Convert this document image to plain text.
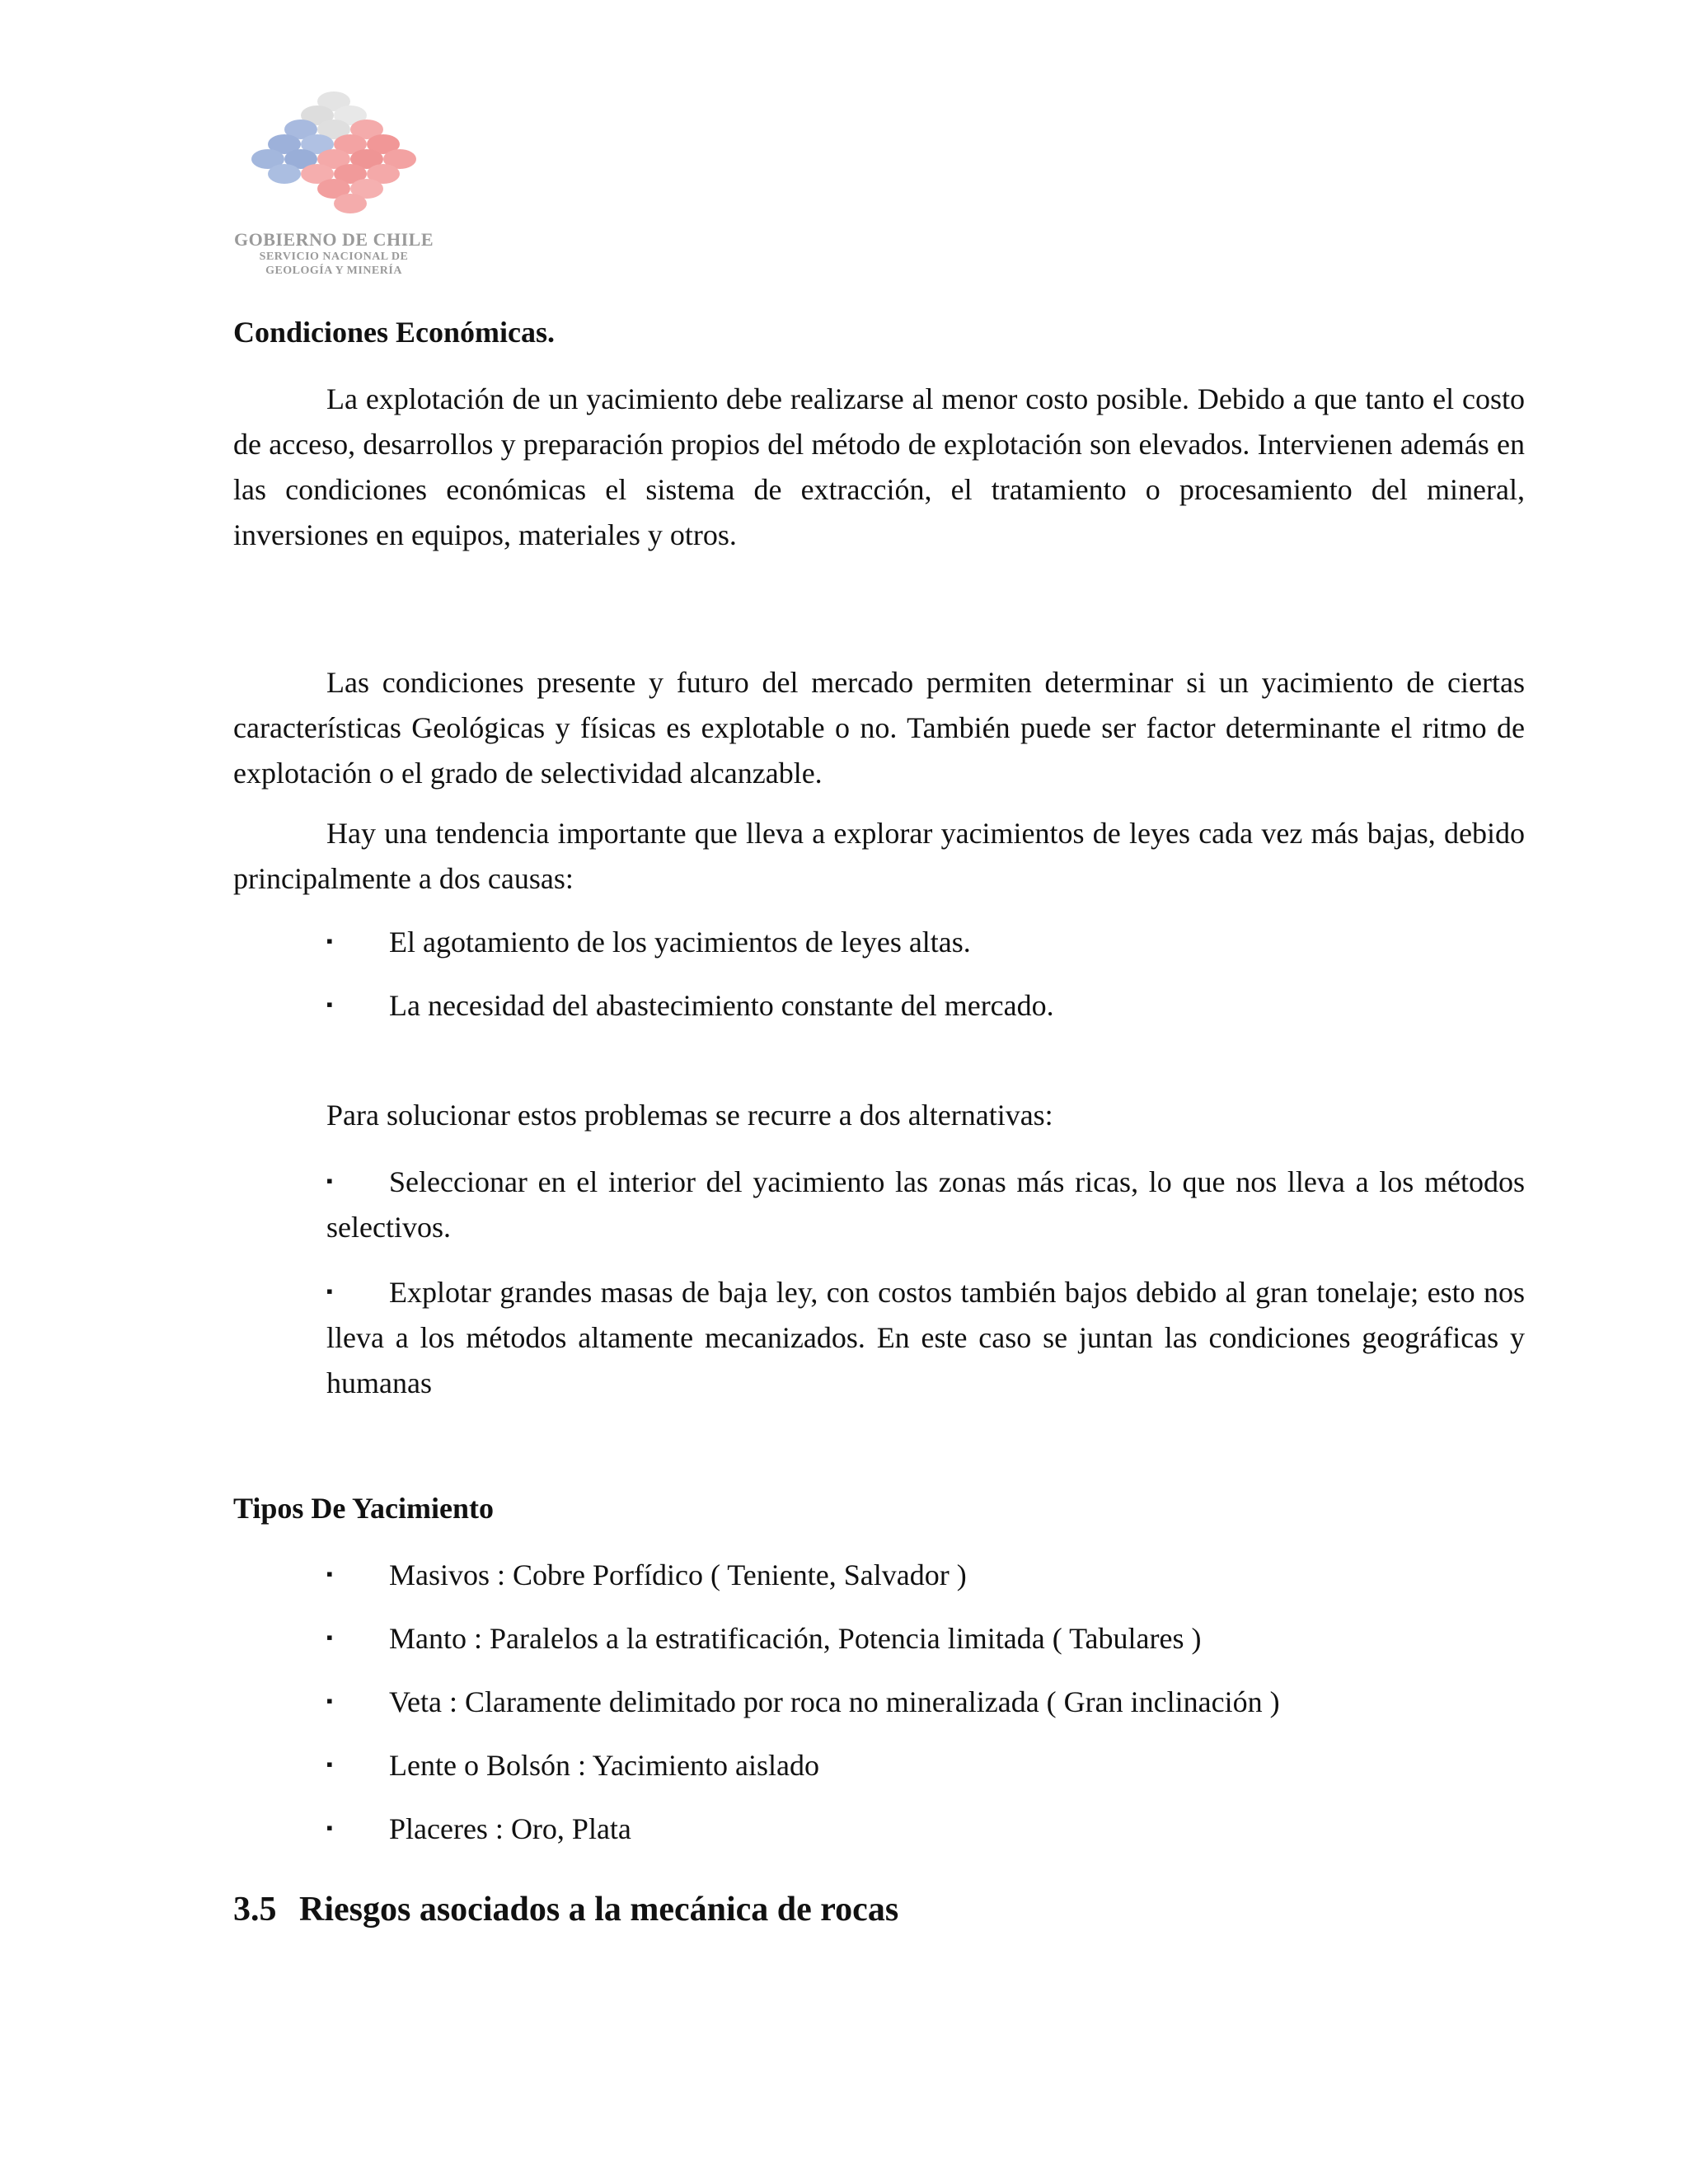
GOBIERNO DE CHILE
SERVICIO NACIONAL DE
GEOLOGÍA Y MINERÍA
Condiciones Económicas.

La explotación de un yacimiento debe realizarse al menor costo posible. Debido a que tanto el costo de acceso, desarrollos y preparación propios del método de explotación son elevados. Intervienen además en las condiciones económicas el sistema de extracción, el tratamiento o procesamiento del mineral, inversiones en equipos, materiales y otros.

Las condiciones presente y futuro del mercado permiten determinar si un yacimiento de ciertas características Geológicas y físicas es explotable o no. También puede ser factor determinante el ritmo de explotación o el grado de selectividad alcanzable.

Hay una tendencia importante que lleva a explorar yacimientos de leyes cada vez más bajas, debido principalmente a dos causas:

▪ El agotamiento de los yacimientos de leyes altas.
▪ La necesidad del abastecimiento constante del mercado.

Para solucionar estos problemas se recurre a dos alternativas:

▪ Seleccionar en el interior del yacimiento las zonas más ricas, lo que nos lleva a los métodos selectivos.
▪ Explotar grandes masas de baja ley, con costos también bajos debido al gran tonelaje; esto nos lleva a los métodos altamente mecanizados. En este caso se juntan las condiciones geográficas y humanas
Tipos De Yacimiento
▪ Masivos : Cobre Porfídico ( Teniente, Salvador )
▪ Manto : Paralelos a la estratificación, Potencia limitada ( Tabulares )
▪ Veta : Claramente delimitado por roca no mineralizada ( Gran inclinación )
▪ Lente o Bolsón : Yacimiento aislado
▪ Placeres : Oro, Plata
3.5 Riesgos asociados a la mecánica de rocas
